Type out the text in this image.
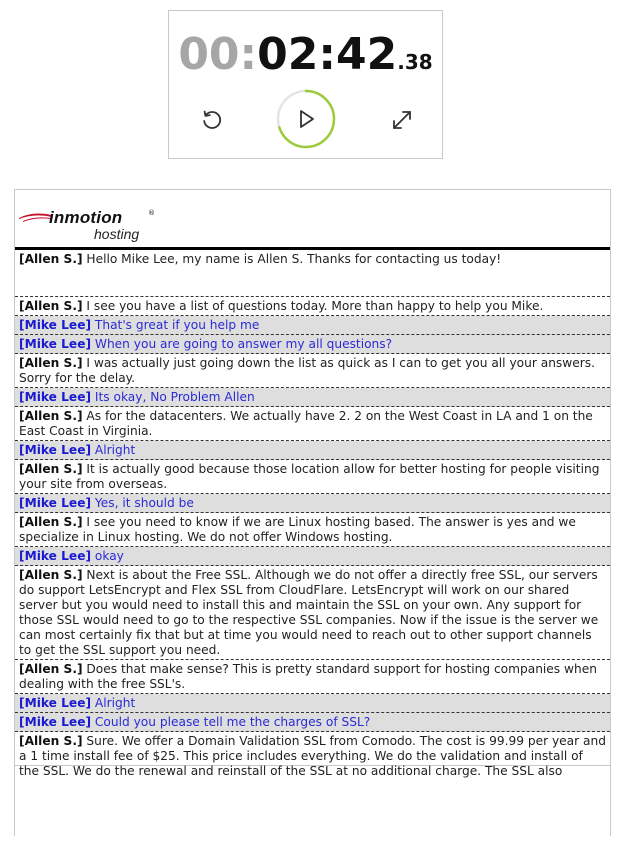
00:02:42.38
inmotion	®
hosting
[Allen S.] Hello Mike Lee, my name is Allen S. Thanks for contacting us today!
[Allen S.] I see you have a list of questions today. More than happy to help you Mike.
[Mike Lee] That's great if you help me
[Mike Lee] When you are going to answer my all questions?
[Allen S.] I was actually just going down the list as quick as I can to get you all your answers. Sorry for the delay.
[Mike Lee] Its okay, No Problem Allen
[Allen S.] As for the datacenters. We actually have 2. 2 on the West Coast in LA and 1 on the East Coast in Virginia.
[Mike Lee] Alright
[Allen S.] It is actually good because those location allow for better hosting for people visiting your site from overseas.
[Mike Lee] Yes, it should be
[Allen S.] I see you need to know if we are Linux hosting based. The answer is yes and we specialize in Linux hosting. We do not offer Windows hosting.
[Mike Lee] okay
[Allen S.] Next is about the Free SSL. Although we do not offer a directly free SSL, our servers do support LetsEncrypt and Flex SSL from CloudFlare. LetsEncrypt will work on our shared server but you would need to install this and maintain the SSL on your own. Any support for those SSL would need to go to the respective SSL companies. Now if the issue is the server we can most certainly fix that but at time you would need to reach out to other support channels to get the SSL support you need.
[Allen S.] Does that make sense? This is pretty standard support for hosting companies when dealing with the free SSL's.
[Mike Lee] Alright
[Mike Lee] Could you please tell me the charges of SSL?
[Allen S.] Sure. We offer a Domain Validation SSL from Comodo. The cost is 99.99 per year and a 1 time install fee of $25. This price includes everything. We do the validation and install of the SSL. We do the renewal and reinstall of the SSL at no additional charge. The SSL also
